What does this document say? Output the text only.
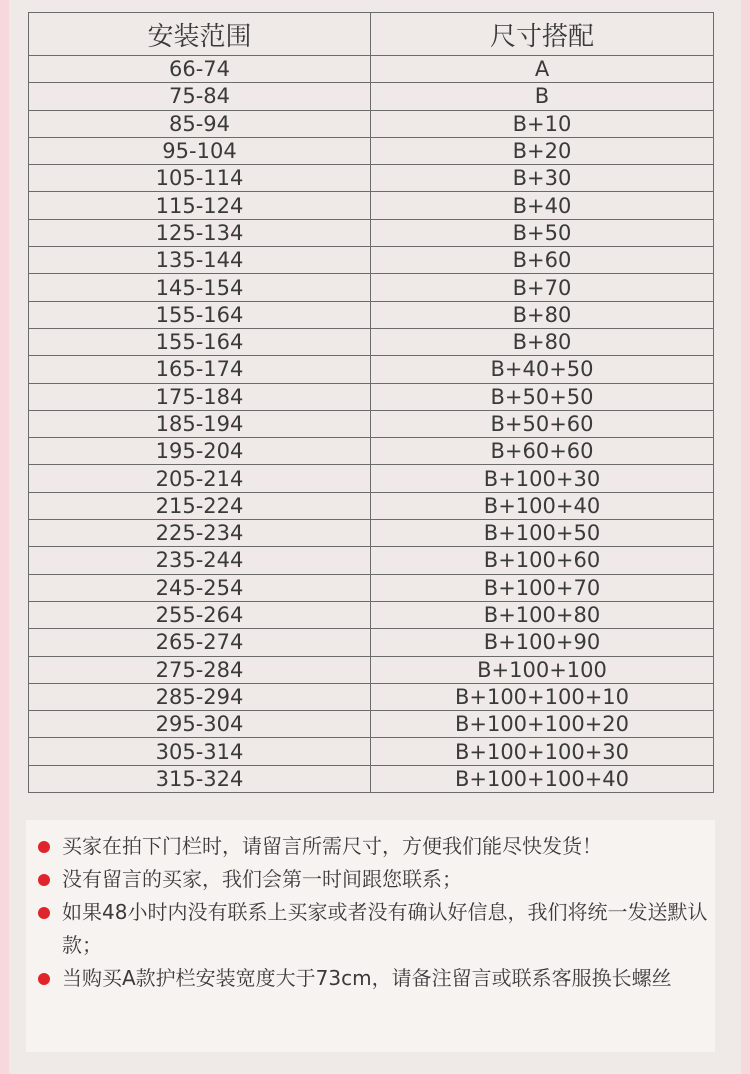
安装范围	尺寸搭配
66-74	A
75-84	B
85-94	B+10
95-104	B+20
105-114	B+30
115-124	B+40
125-134	B+50
135-144	B+60
145-154	B+70
155-164	B+80
155-164	B+80
165-174	B+40+50
175-184	B+50+50
185-194	B+50+60
195-204	B+60+60
205-214	B+100+30
215-224	B+100+40
225-234	B+100+50
235-244	B+100+60
245-254	B+100+70
255-264	B+100+80
265-274	B+100+90
275-284	B+100+100
285-294	B+100+100+10
295-304	B+100+100+20
305-314	B+100+100+30
315-324	B+100+100+40
买家在拍下门栏时，请留言所需尺寸，方便我们能尽快发货！
没有留言的买家，我们会第一时间跟您联系；
如果48小时内没有联系上买家或者没有确认好信息，我们将统一发送默认款；
当购买A款护栏安装宽度大于73cm，请备注留言或联系客服换长螺丝
